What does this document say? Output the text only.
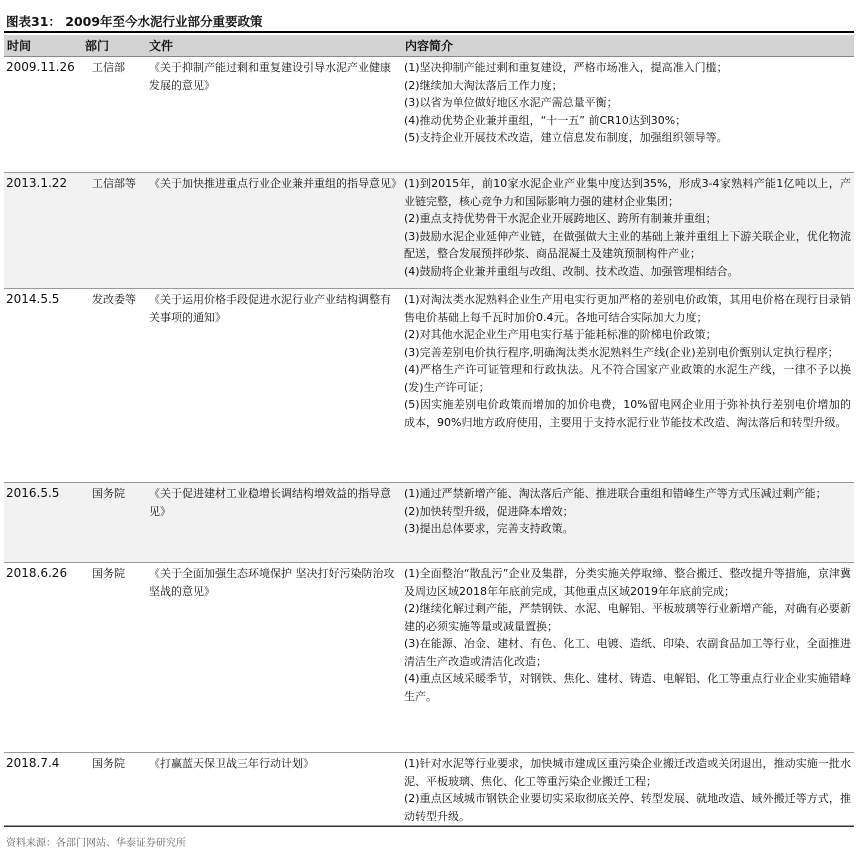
图表31： 2009年至今水泥行业部分重要政策
时间	部门	文件	内容简介
2009.11.26	工信部	《关于抑制产能过剩和重复建设引导水泥产业健康发展的意见》	(1)坚决抑制产能过剩和重复建设，严格市场准入，提高准入门槛；
(2)继续加大淘汰落后工作力度；
(3)以省为单位做好地区水泥产需总量平衡；
(4)推动优势企业兼并重组，“十一五” 前CR10达到30%；
(5)支持企业开展技术改造，建立信息发布制度，加强组织领导等。

2013.1.22	工信部等	《关于加快推进重点行业企业兼并重组的指导意见》	(1)到2015年，前10家水泥企业产业集中度达到35%，形成3-4家熟料产能1亿吨以上，产业链完整，核心竞争力和国际影响力强的建材企业集团；
(2)重点支持优势骨干水泥企业开展跨地区、跨所有制兼并重组；
(3)鼓励水泥企业延伸产业链，在做强做大主业的基础上兼并重组上下游关联企业，优化物流配送，整合发展预拌砂浆、商品混凝土及建筑预制构件产业；
(4)鼓励将企业兼并重组与改组、改制、技术改造、加强管理相结合。

2014.5.5	发改委等	《关于运用价格手段促进水泥行业产业结构调整有关事项的通知》	(1)对淘汰类水泥熟料企业生产用电实行更加严格的差别电价政策，其用电价格在现行目录销售电价基础上每千瓦时加价0.4元。各地可结合实际加大力度；
(2)对其他水泥企业生产用电实行基于能耗标准的阶梯电价政策；
(3)完善差别电价执行程序,明确淘汰类水泥熟料生产线(企业)差别电价甄别认定执行程序；
(4)严格生产许可证管理和行政执法。凡不符合国家产业政策的水泥生产线，一律不予以换(发)生产许可证；
(5)因实施差别电价政策而增加的加价电费，10%留电网企业用于弥补执行差别电价增加的成本，90%归地方政府使用，主要用于支持水泥行业节能技术改造、淘汰落后和转型升级。

2016.5.5	国务院	《关于促进建材工业稳增长调结构增效益的指导意见》	(1)通过严禁新增产能、淘汰落后产能、推进联合重组和错峰生产等方式压减过剩产能；
(2)加快转型升级，促进降本增效；
(3)提出总体要求，完善支持政策。

2018.6.26	国务院	《关于全面加强生态环境保护 坚决打好污染防治攻坚战的意见》	(1)全面整治“散乱污”企业及集群，分类实施关停取缔、整合搬迁、整改提升等措施，京津冀及周边区域2018年年底前完成，其他重点区域2019年年底前完成；
(2)继续化解过剩产能，严禁钢铁、水泥、电解铝、平板玻璃等行业新增产能，对确有必要新建的必须实施等量或减量置换；
(3)在能源、冶金、建材、有色、化工、电镀、造纸、印染、农副食品加工等行业，全面推进清洁生产改造或清洁化改造；
(4)重点区域采暖季节，对钢铁、焦化、建材、铸造、电解铝、化工等重点行业企业实施错峰生产。

2018.7.4	国务院	《打赢蓝天保卫战三年行动计划》	(1)针对水泥等行业要求，加快城市建成区重污染企业搬迁改造或关闭退出，推动实施一批水泥、平板玻璃、焦化、化工等重污染企业搬迁工程；
(2)重点区域城市钢铁企业要切实采取彻底关停、转型发展、就地改造、域外搬迁等方式，推动转型升级。
资料来源：各部门网站、华泰证券研究所
